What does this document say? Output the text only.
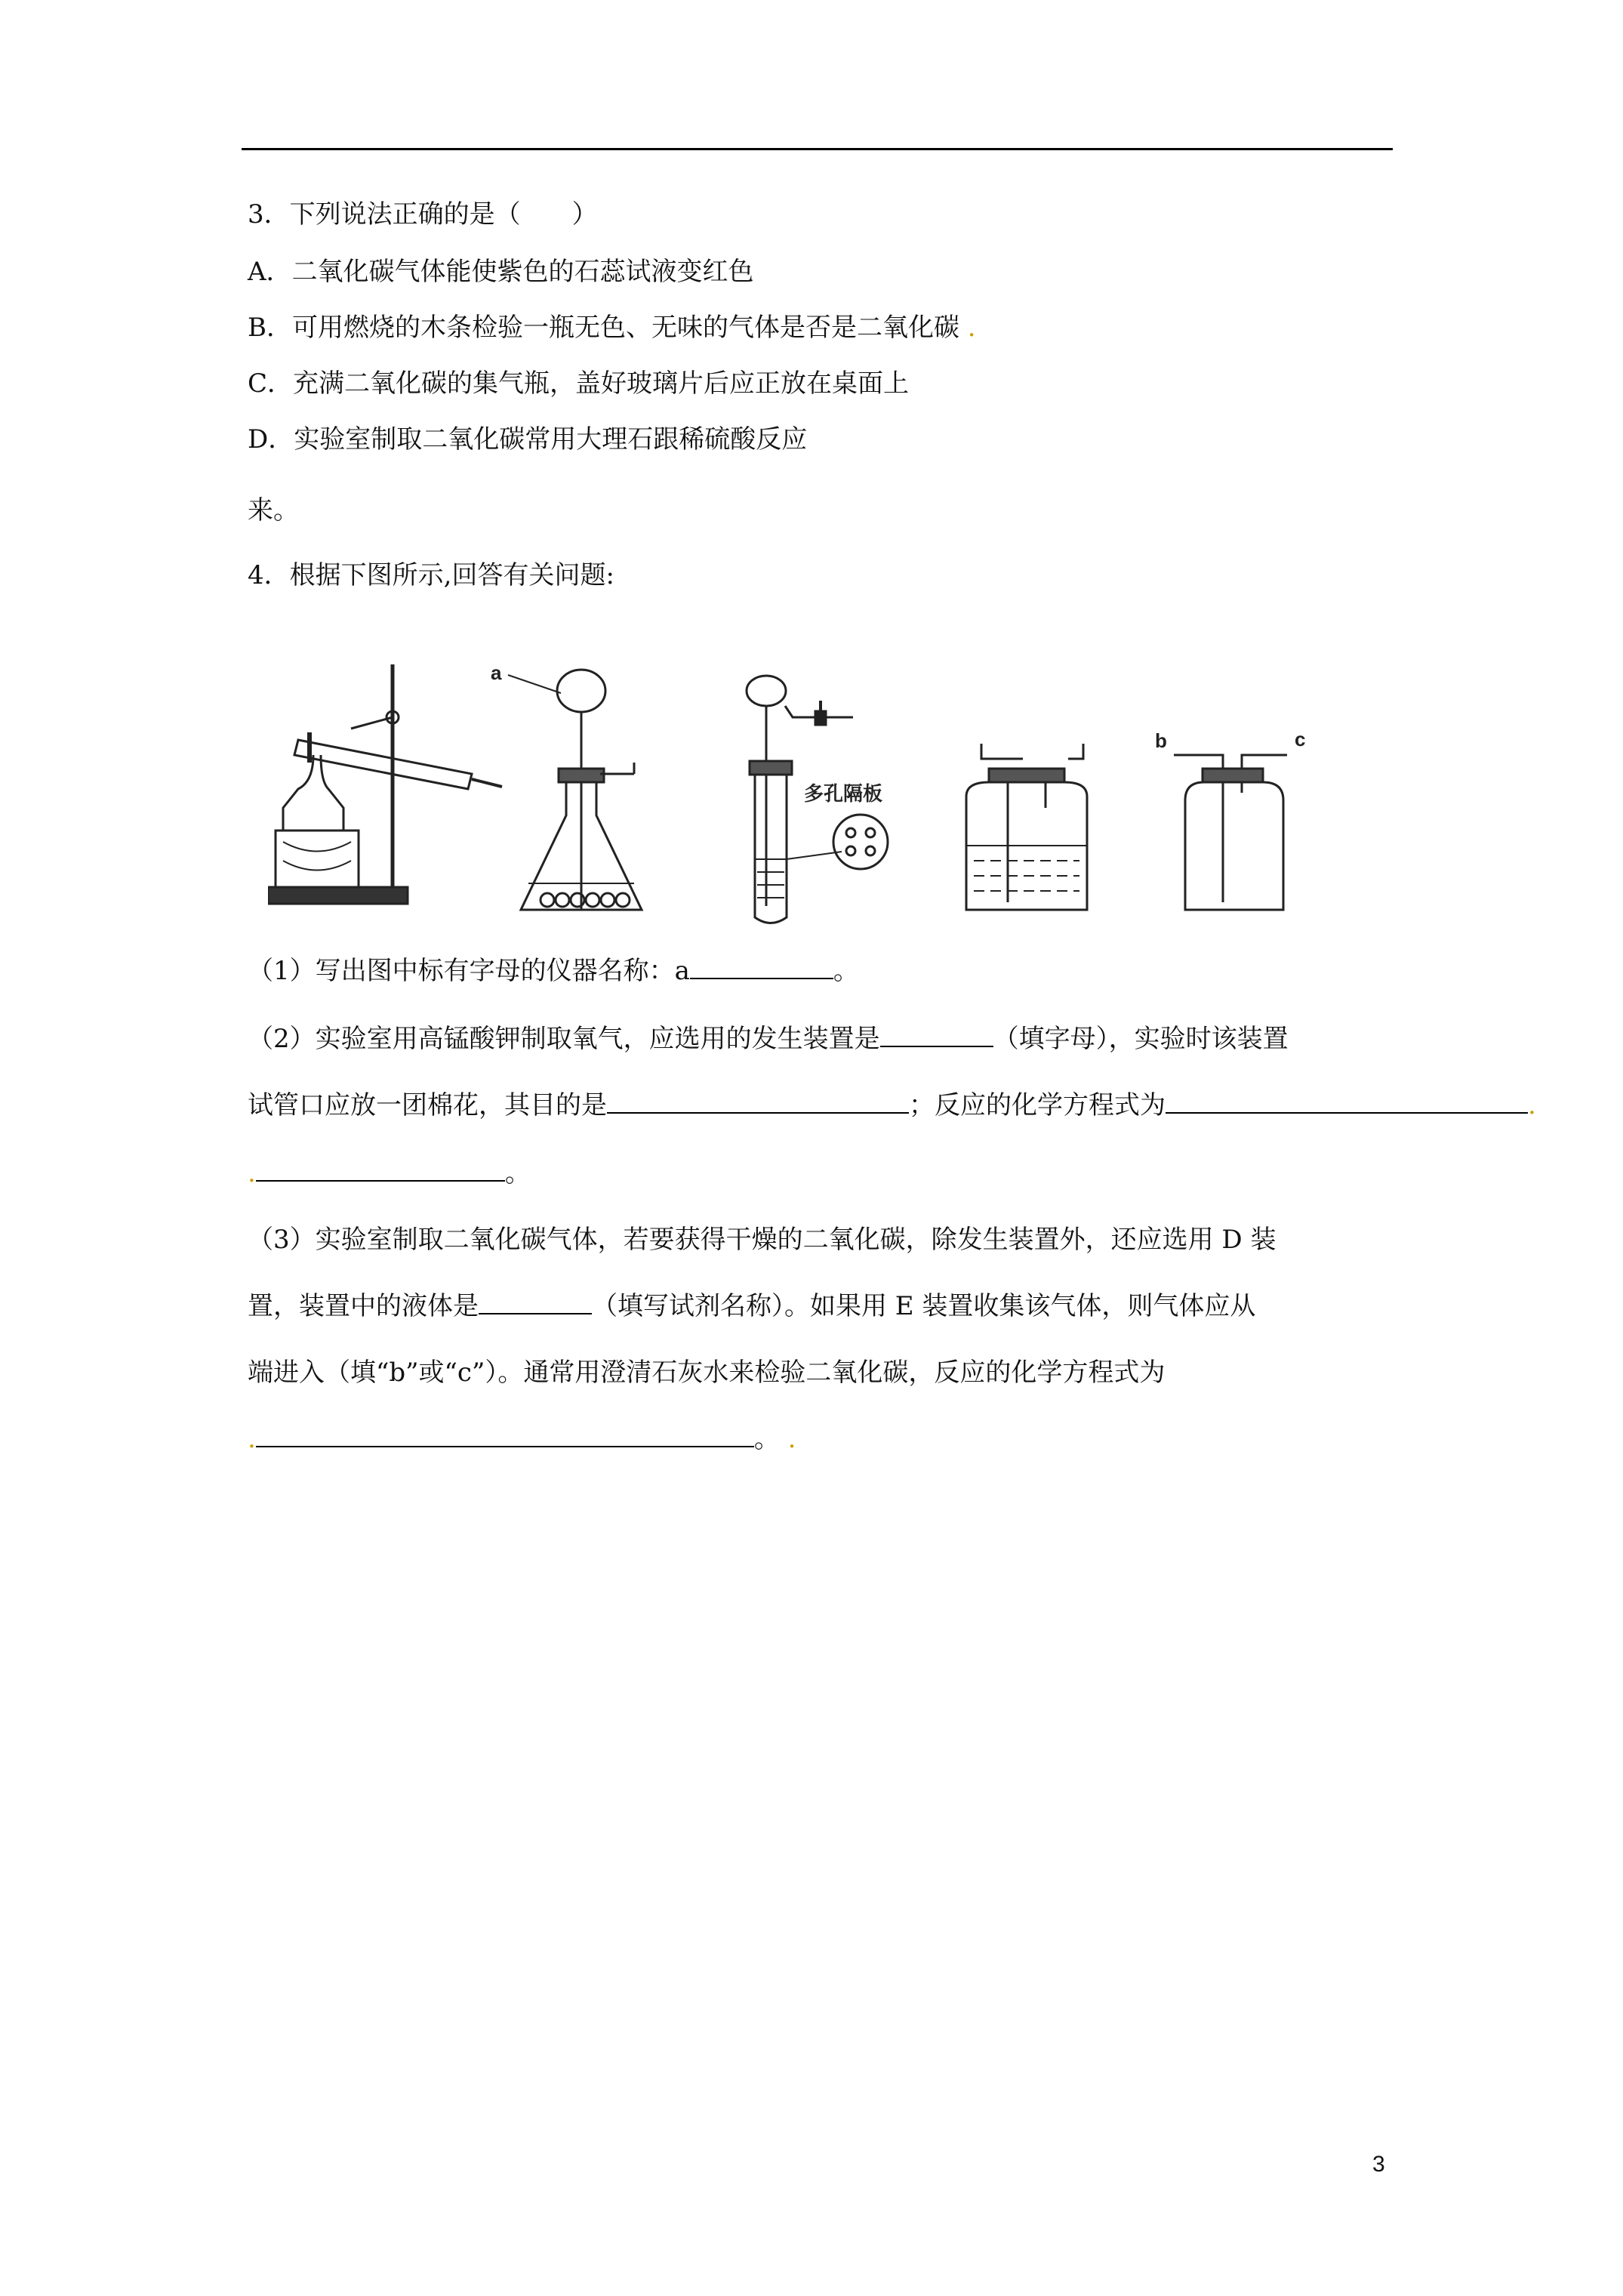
3．下列说法正确的是（　　）
A．二氧化碳气体能使紫色的石蕊试液变红色
B．可用燃烧的木条检验一瓶无色、无味的气体是否是二氧化碳 .
C．充满二氧化碳的集气瓶，盖好玻璃片后应正放在桌面上
D．实验室制取二氧化碳常用大理石跟稀硫酸反应
来。
4．根据下图所示,回答有关问题:
a
多孔隔板
b	c
（1）写出图中标有字母的仪器名称：a	。
（2）实验室用高锰酸钾制取氧气，应选用的发生装置是	（填字母），实验时该装置
试管口应放一团棉花，其目的是	；反应的化学方程式为	.
.	。
（3）实验室制取二氧化碳气体，若要获得干燥的二氧化碳，除发生装置外，还应选用 D 装
置，装置中的液体是	（填写试剂名称）。如果用 E 装置收集该气体，则气体应从
端进入（填“b”或“c”）。通常用澄清石灰水来检验二氧化碳，反应的化学方程式为
.	。 .
3
